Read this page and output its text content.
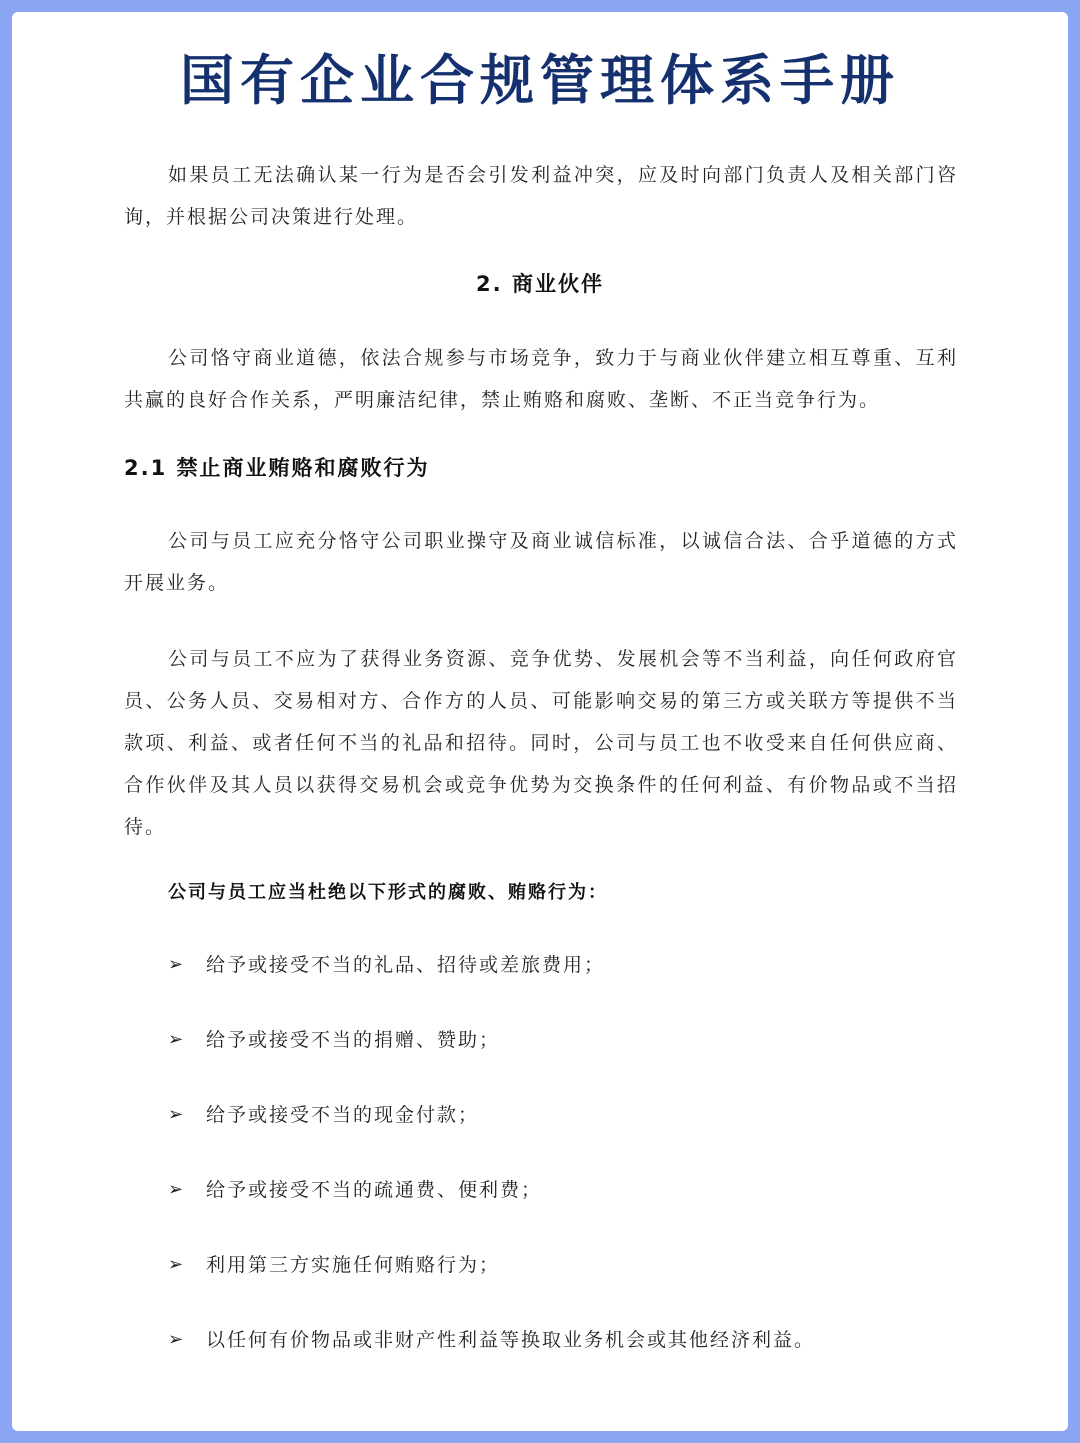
国有企业合规管理体系手册

如果员工无法确认某一行为是否会引发利益冲突，应及时向部门负责人及相关部门咨询，并根据公司决策进行处理。

2. 商业伙伴

公司恪守商业道德，依法合规参与市场竞争，致力于与商业伙伴建立相互尊重、互利共赢的良好合作关系，严明廉洁纪律，禁止贿赂和腐败、垄断、不正当竞争行为。

2.1 禁止商业贿赂和腐败行为

公司与员工应充分恪守公司职业操守及商业诚信标准，以诚信合法、合乎道德的方式开展业务。

公司与员工不应为了获得业务资源、竞争优势、发展机会等不当利益，向任何政府官员、公务人员、交易相对方、合作方的人员、可能影响交易的第三方或关联方等提供不当款项、利益、或者任何不当的礼品和招待。同时，公司与员工也不收受来自任何供应商、合作伙伴及其人员以获得交易机会或竞争优势为交换条件的任何利益、有价物品或不当招待。

公司与员工应当杜绝以下形式的腐败、贿赂行为：

➢	给予或接受不当的礼品、招待或差旅费用；
➢	给予或接受不当的捐赠、赞助；
➢	给予或接受不当的现金付款；
➢	给予或接受不当的疏通费、便利费；
➢	利用第三方实施任何贿赂行为；
➢	以任何有价物品或非财产性利益等换取业务机会或其他经济利益。
